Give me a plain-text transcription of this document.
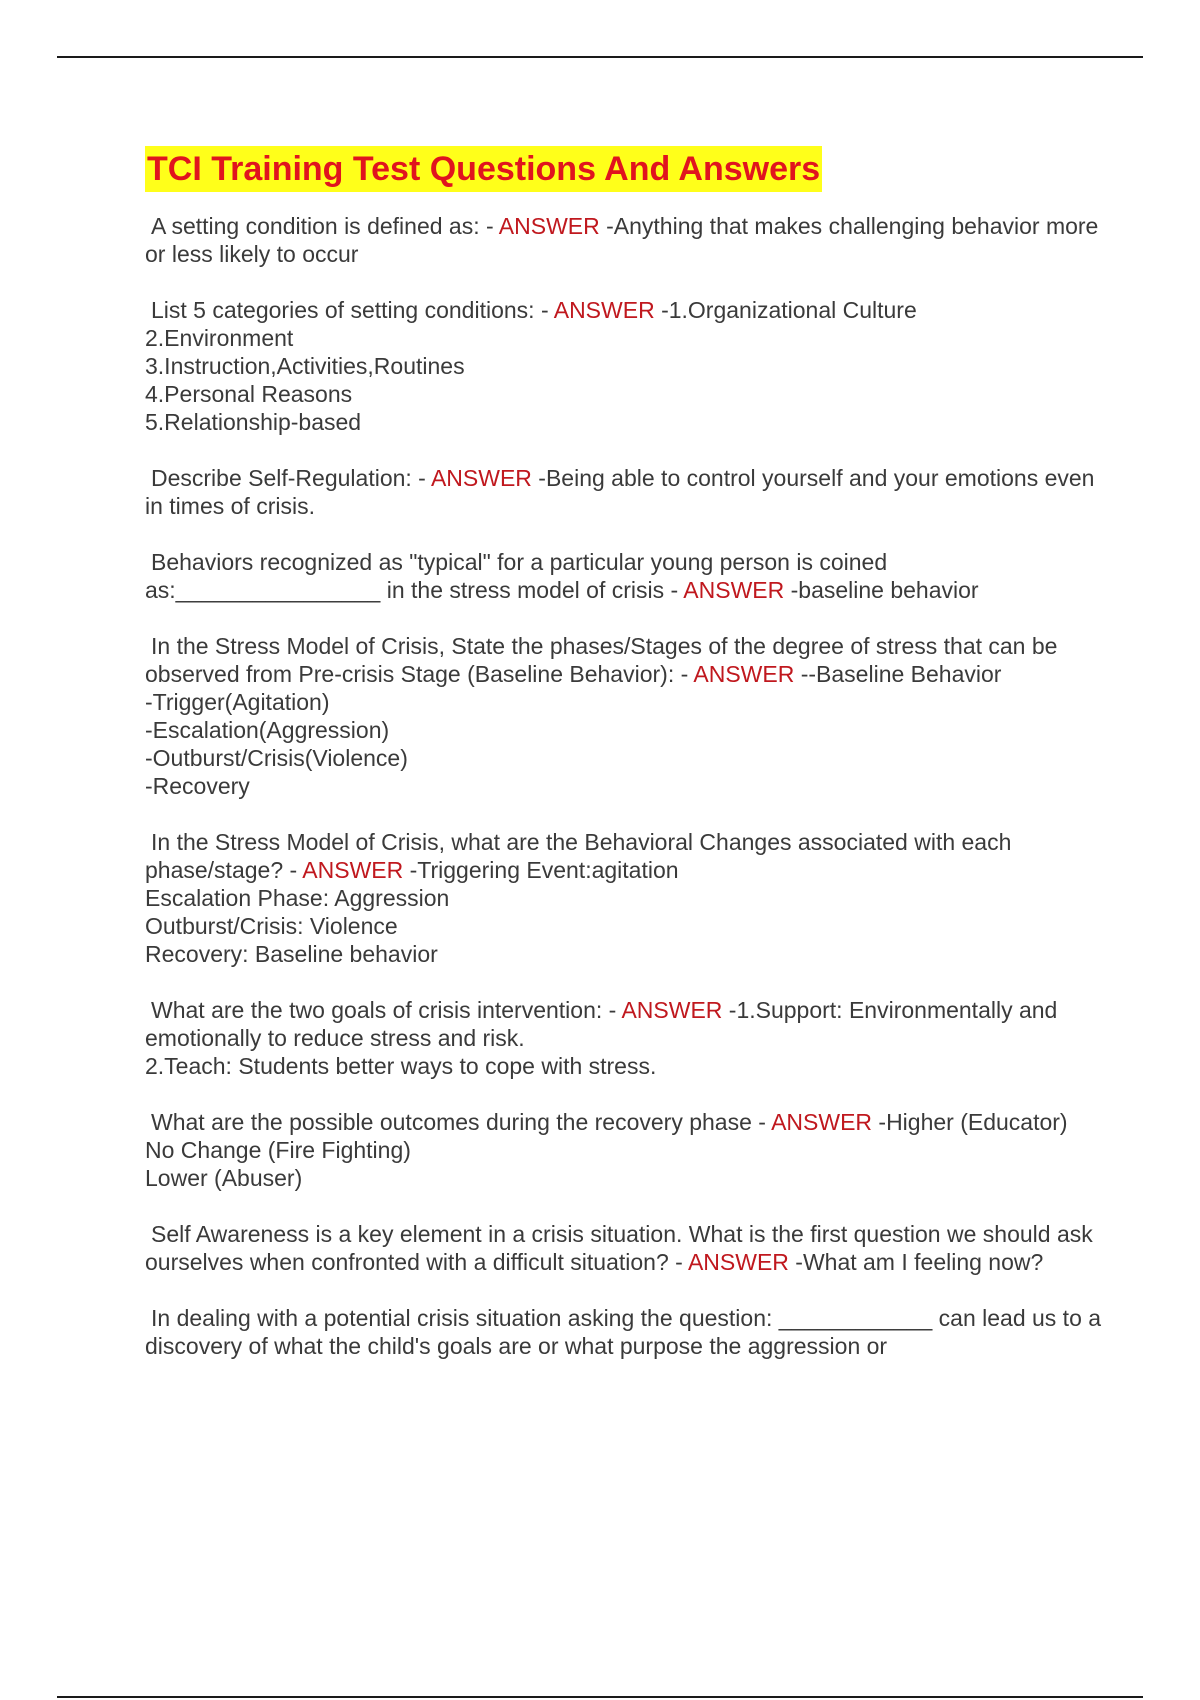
TCI Training Test Questions And Answers
A setting condition is defined as: - ANSWER -Anything that makes challenging behavior more or less likely to occur
List 5 categories of setting conditions: - ANSWER -1.Organizational Culture
2.Environment
3.Instruction,Activities,Routines
4.Personal Reasons
5.Relationship-based
Describe Self-Regulation: - ANSWER -Being able to control yourself and your emotions even in times of crisis.
Behaviors recognized as "typical" for a particular young person is coined as:________________ in the stress model of crisis - ANSWER -baseline behavior
In the Stress Model of Crisis, State the phases/Stages of the degree of stress that can be observed from Pre-crisis Stage (Baseline Behavior): - ANSWER --Baseline Behavior
-Trigger(Agitation)
-Escalation(Aggression)
-Outburst/Crisis(Violence)
-Recovery
In the Stress Model of Crisis, what are the Behavioral Changes associated with each phase/stage? - ANSWER -Triggering Event:agitation
Escalation Phase: Aggression
Outburst/Crisis: Violence
Recovery: Baseline behavior
What are the two goals of crisis intervention: - ANSWER -1.Support: Environmentally and emotionally to reduce stress and risk.
2.Teach: Students better ways to cope with stress.
What are the possible outcomes during the recovery phase - ANSWER -Higher (Educator)
No Change (Fire Fighting)
Lower (Abuser)
Self Awareness is a key element in a crisis situation. What is the first question we should ask ourselves when confronted with a difficult situation? - ANSWER -What am I feeling now?
In dealing with a potential crisis situation asking the question: ____________ can lead us to a discovery of what the child's goals are or what purpose the aggression or
